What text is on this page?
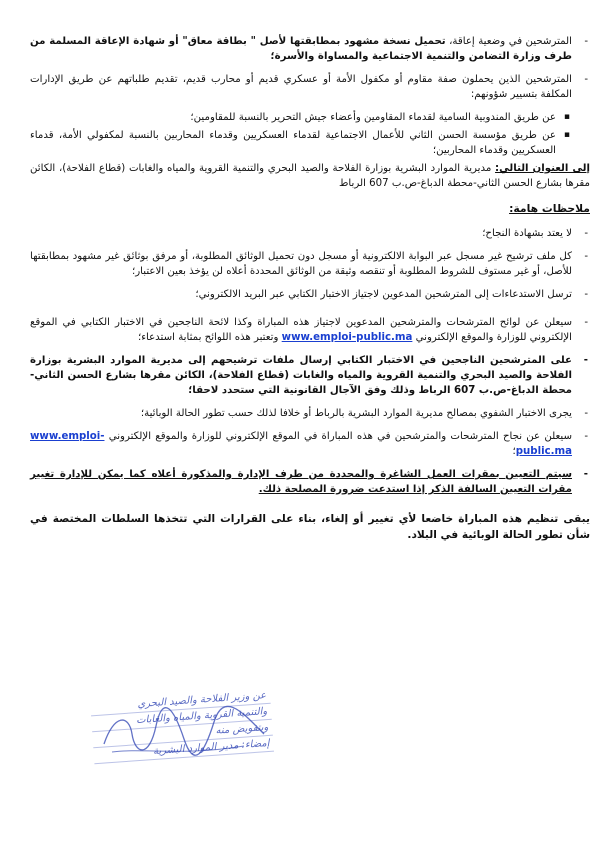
- المترشحين في وضعية إعاقة، تحميل نسخة مشهود بمطابقتها لأصل " بطاقة معاق" أو شهادة الإعاقة المسلمة من طرف وزارة التضامن والتنمية الاجتماعية والمساواة والأسرة؛
- المترشحين الذين يحملون صفة مقاوم أو مكفول الأمة أو عسكري قديم أو محارب قديم، تقديم طلباتهم عن طريق الإدارات المكلفة بتسيير شؤونهم:
▪ عن طريق المندوبية السامية لقدماء المقاومين وأعضاء جيش التحرير بالنسبة للمقاومين؛
▪ عن طريق مؤسسة الحسن الثاني للأعمال الاجتماعية لقدماء العسكريين وقدماء المحاربين بالنسبة لمكفولي الأمة، قدماء العسكريين وقدماء المحاربين؛
إلى العنوان التالي: مديرية الموارد البشرية بوزارة الفلاحة والصيد البحري والتنمية القروية والمياه والغابات (قطاع الفلاحة)، الكائن مقرها بشارع الحسن الثاني-محطة الدباغ-ص.ب 607 الرباط
ملاحظات هامة:
- لا يعتد بشهادة النجاح؛
- كل ملف ترشيح غير مسجل عبر البوابة الالكترونية أو مسجل دون تحميل الوثائق المطلوبة، أو مرفق بوثائق غير مشهود بمطابقتها للأصل، أو غير مستوف للشروط المطلوبة أو تنقصه وثيقة من الوثائق المحددة أعلاه لن يؤخذ بعين الاعتبار؛
- ترسل الاستدعاءات إلى المترشحين المدعوين لاجتياز الاختبار الكتابي عبر البريد الالكتروني؛
- سيعلن عن لوائح المترشحات والمترشحين المدعوين لاجتياز هذه المباراة وكذا لائحة الناجحين في الاختبار الكتابي في الموقع الإلكتروني للوزارة والموقع الإلكتروني www.emploi-public.ma وتعتبر هذه اللوائح بمثابة استدعاء؛
- على المترشحين الناجحين في الاختبار الكتابي إرسال ملفات ترشيحهم إلى مديرية الموارد البشرية بوزارة الفلاحة والصيد البحري والتنمية القروية والمياه والغابات (قطاع الفلاحة)، الكائن مقرها بشارع الحسن الثاني-محطة الدباغ-ص.ب 607 الرباط وذلك وفق الآجال القانونية التي ستحدد لاحقا؛
- يجرى الاختبار الشفوي بمصالح مديرية الموارد البشرية بالرباط أو خلافا لذلك حسب تطور الحالة الوبائية؛
- سيعلن عن نجاح المترشحات والمترشحين في هذه المباراة في الموقع الإلكتروني للوزارة والموقع الإلكتروني www.emploi-public.ma؛
- سيتم التعيين بمقرات العمل الشاغرة والمحددة من طرف الإدارة والمذكورة أعلاه كما يمكن للإدارة تغيير مقرات التعيين السالفة الذكر إذا استدعت ضرورة المصلحة ذلك.
يبقى تنظيم هذه المباراة خاضعا لأي تغيير أو إلغاء، بناء على القرارات التي تتخذها السلطات المختصة في شأن تطور الحالة الوبائية في البلاد.
عن وزير الفلاحة والصيد البحري
والتنمية القروية والمياه والغابات
وبتفويض منه
إمضاء: مدير الموارد البشرية
